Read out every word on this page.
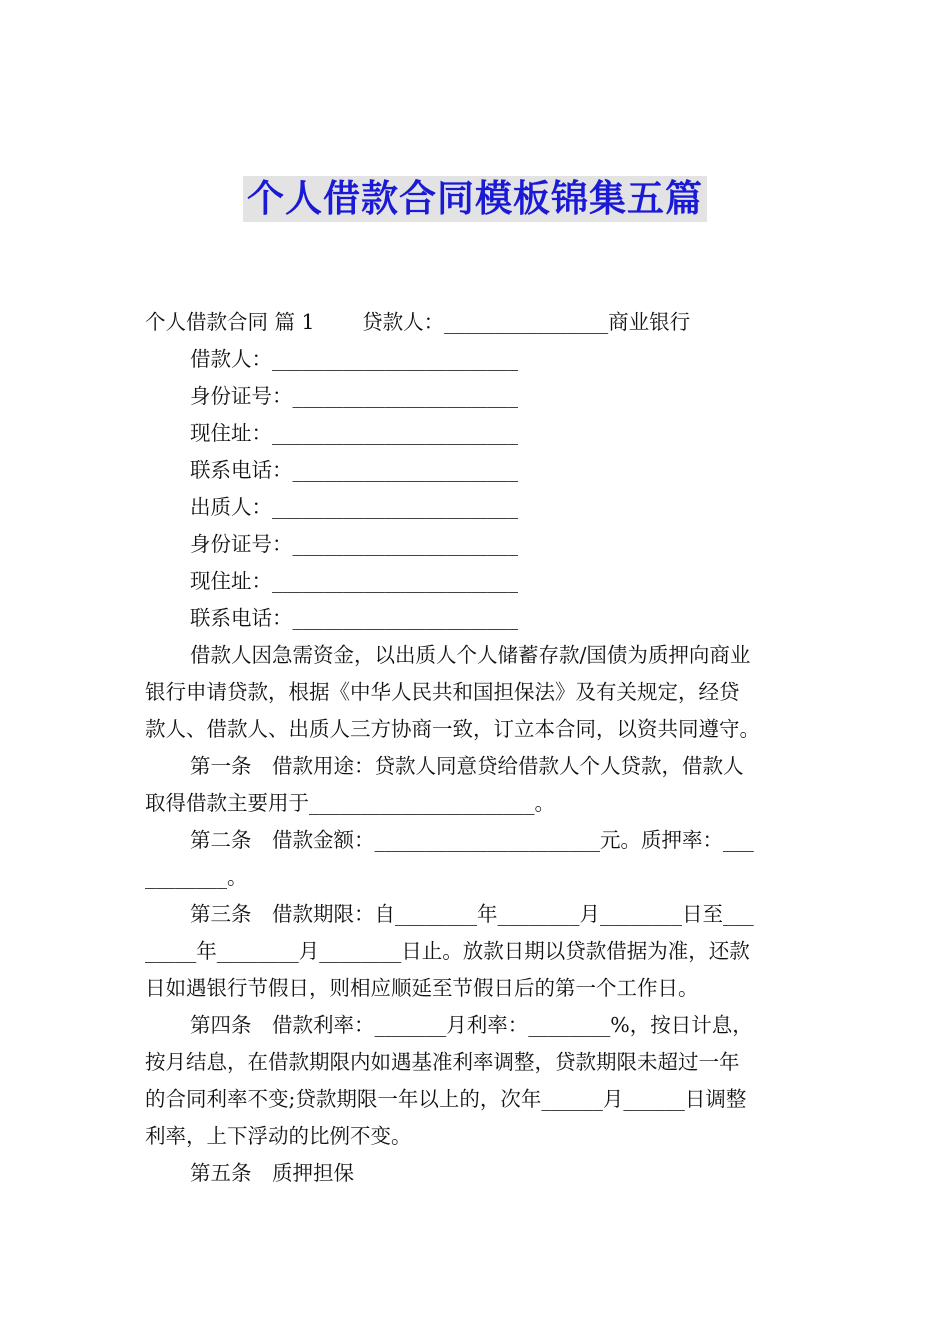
个人借款合同模板锦集五篇
个人借款合同 篇 1　　 贷款人：________________商业银行
借款人：________________________
身份证号：______________________
现住址：________________________
联系电话：______________________
出质人：________________________
身份证号：______________________
现住址：________________________
联系电话：______________________
借款人因急需资金，以出质人个人储蓄存款/国债为质押向商业
银行申请贷款，根据《中华人民共和国担保法》及有关规定，经贷
款人、借款人、出质人三方协商一致，订立本合同，以资共同遵守。
第一条　借款用途：贷款人同意贷给借款人个人贷款，借款人
取得借款主要用于______________________。
第二条　借款金额：______________________元。质押率：___
________。
第三条　借款期限：自________年________月________日至___
_____年________月________日止。放款日期以贷款借据为准，还款
日如遇银行节假日，则相应顺延至节假日后的第一个工作日。
第四条　借款利率：_______月利率：________%，按日计息，
按月结息，在借款期限内如遇基准利率调整，贷款期限未超过一年
的合同利率不变;贷款期限一年以上的，次年______月______日调整
利率，上下浮动的比例不变。
第五条　质押担保
